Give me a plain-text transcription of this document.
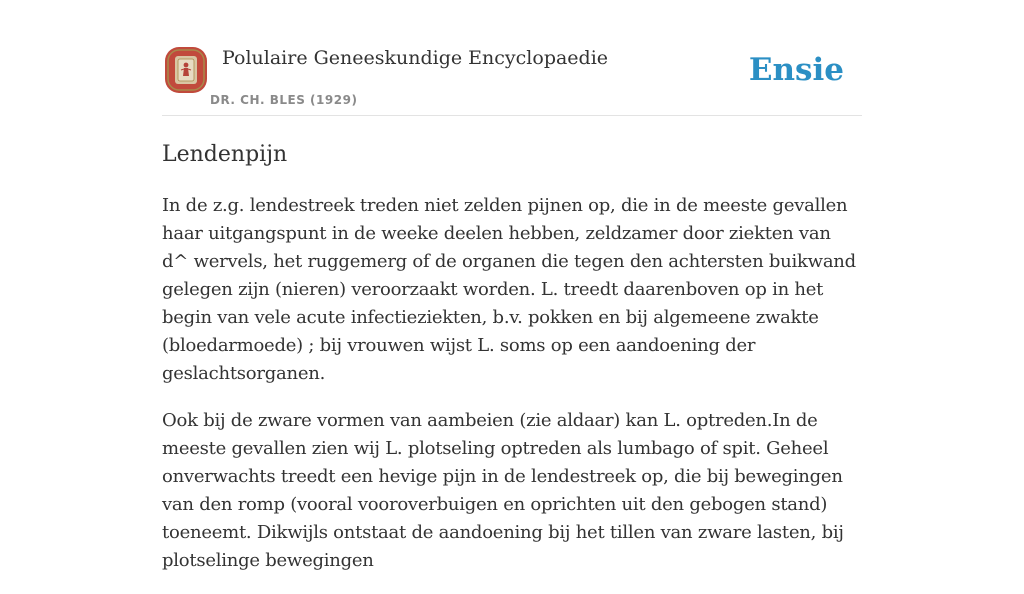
Polulaire Geneeskundige Encyclopaedie
DR. CH. BLES (1929)
Ensie
Lendenpijn

In de z.g. lendestreek treden niet zelden pijnen op, die in de meeste gevallen haar uitgangspunt in de weeke deelen hebben, zeldzamer door ziekten van d^ wervels, het ruggemerg of de organen die tegen den achtersten buikwand gelegen zijn (nieren) veroorzaakt worden. L. treedt daarenboven op in het begin van vele acute infectieziekten, b.v. pokken en bij algemeene zwakte (bloedarmoede) ; bij vrouwen wijst L. soms op een aandoening der geslachtsorganen.

Ook bij de zware vormen van aambeien (zie aldaar) kan L. optreden.In de meeste gevallen zien wij L. plotseling optreden als lumbago of spit. Geheel onverwachts treedt een hevige pijn in de lendestreek op, die bij bewegingen van den romp (vooral vooroverbuigen en oprichten uit den gebogen stand) toeneemt. Dikwijls ontstaat de aandoening bij het tillen van zware lasten, bij plotselinge bewegingen
